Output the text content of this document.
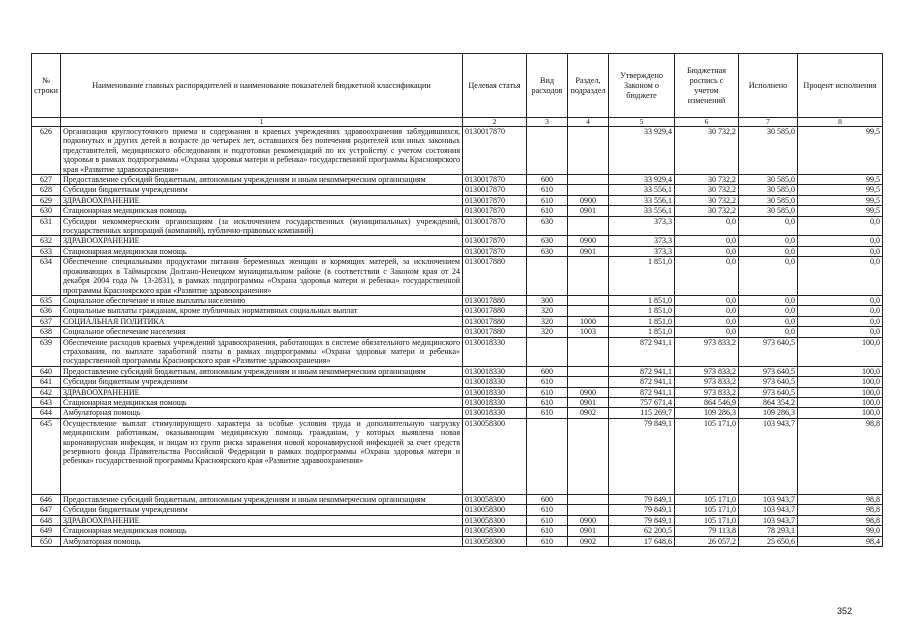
№ строки	Наименование главных распорядителей и наименование показателей бюджетной классификации	Целевая статья	Вид расходов	Раздел, подраздел	Утверждено Законом о бюджете	Бюджетная роспись с учетом изменений	Исполнено	Процент исполнения
	1	2	3	4	5	6	7	8
626	Организация круглосуточного приема и содержания в краевых учреждениях здравоохранения заблудившихся, подкинутых и других детей в возрасте до четырех лет, оставшихся без попечения родителей или иных законных представителей, медицинского обследования и подготовки рекомендаций по их устройству с учетом состояния здоровья в рамках подпрограммы «Охрана здоровья матери и ребенка» государственной программы Красноярского края «Развитие здравоохранения»	0130017870			33 929,4	30 732,2	30 585,0	99,5
627	Предоставление субсидий бюджетным, автономным учреждениям и иным некоммерческим организациям	0130017870	600		33 929,4	30 732,2	30 585,0	99,5
628	Субсидии бюджетным учреждениям	0130017870	610		33 556,1	30 732,2	30 585,0	99,5
629	ЗДРАВООХРАНЕНИЕ	0130017870	610	0900	33 556,1	30 732,2	30 585,0	99,5
630	Стационарная медицинская помощь	0130017870	610	0901	33 556,1	30 732,2	30 585,0	99,5
631	Субсидии некоммерческим организациям (за исключением государственных (муниципальных) учреждений, государственных корпораций (компаний), публично-правовых компаний)	0130017870	630		373,3	0,0	0,0	0,0
632	ЗДРАВООХРАНЕНИЕ	0130017870	630	0900	373,3	0,0	0,0	0,0
633	Стационарная медицинская помощь	0130017870	630	0901	373,3	0,0	0,0	0,0
634	Обеспечение специальными продуктами питания беременных женщин и кормящих матерей, за исключением проживающих в Таймырском Долгано-Ненецком муниципальном районе (в соответствии с Законом края от 24 декабря 2004 года № 13-2831), в рамках подпрограммы «Охрана здоровья матери и ребенка» государственной программы Красноярского края «Развитие здравоохранения»	0130017880			1 851,0	0,0	0,0	0,0
635	Социальное обеспечение и иные выплаты населению	0130017880	300		1 851,0	0,0	0,0	0,0
636	Социальные выплаты гражданам, кроме публичных нормативных социальных выплат	0130017880	320		1 851,0	0,0	0,0	0,0
637	СОЦИАЛЬНАЯ ПОЛИТИКА	0130017880	320	1000	1 851,0	0,0	0,0	0,0
638	Социальное обеспечение населения	0130017880	320	1003	1 851,0	0,0	0,0	0,0
639	Обеспечение расходов краевых учреждений здравоохранения, работающих в системе обязательного медицинского страхования, по выплате заработной платы в рамках подпрограммы «Охрана здоровья матери и ребенка» государственной программы Красноярского края «Развитие здравоохранения»	0130018330			872 941,1	973 833,2	973 640,5	100,0
640	Предоставление субсидий бюджетным, автономным учреждениям и иным некоммерческим организациям	0130018330	600		872 941,1	973 833,2	973 640,5	100,0
641	Субсидии бюджетным учреждениям	0130018330	610		872 941,1	973 833,2	973 640,5	100,0
642	ЗДРАВООХРАНЕНИЕ	0130018330	610	0900	872 941,1	973 833,2	973 640,5	100,0
643	Стационарная медицинская помощь	0130018330	610	0901	757 671,4	864 546,9	864 354,2	100,0
644	Амбулаторная помощь	0130018330	610	0902	115 269,7	109 286,3	109 286,3	100,0
645	Осуществление выплат стимулирующего характера за особые условия труда и дополнительную нагрузку медицинским работникам, оказывающим медицинскую помощь гражданам, у которых выявлена новая коронавирусная инфекция, и лицам из групп риска заражения новой коронавирусной инфекцией за счет средств резервного фонда Правительства Российской Федерации в рамках подпрограммы «Охрана здоровья матери и ребенка» государственной программы Красноярского края «Развитие здравоохранения»	0130058300			79 849,1	105 171,0	103 943,7	98,8
646	Предоставление субсидий бюджетным, автономным учреждениям и иным некоммерческим организациям	0130058300	600		79 849,1	105 171,0	103 943,7	98,8
647	Субсидии бюджетным учреждениям	0130058300	610		79 849,1	105 171,0	103 943,7	98,8
648	ЗДРАВООХРАНЕНИЕ	0130058300	610	0900	79 849,1	105 171,0	103 943,7	98,8
649	Стационарная медицинская помощь	0130058300	610	0901	62 200,5	79 113,8	78 293,1	99,0
650	Амбулаторная помощь	0130058300	610	0902	17 648,6	26 057,2	25 650,6	98,4
352
